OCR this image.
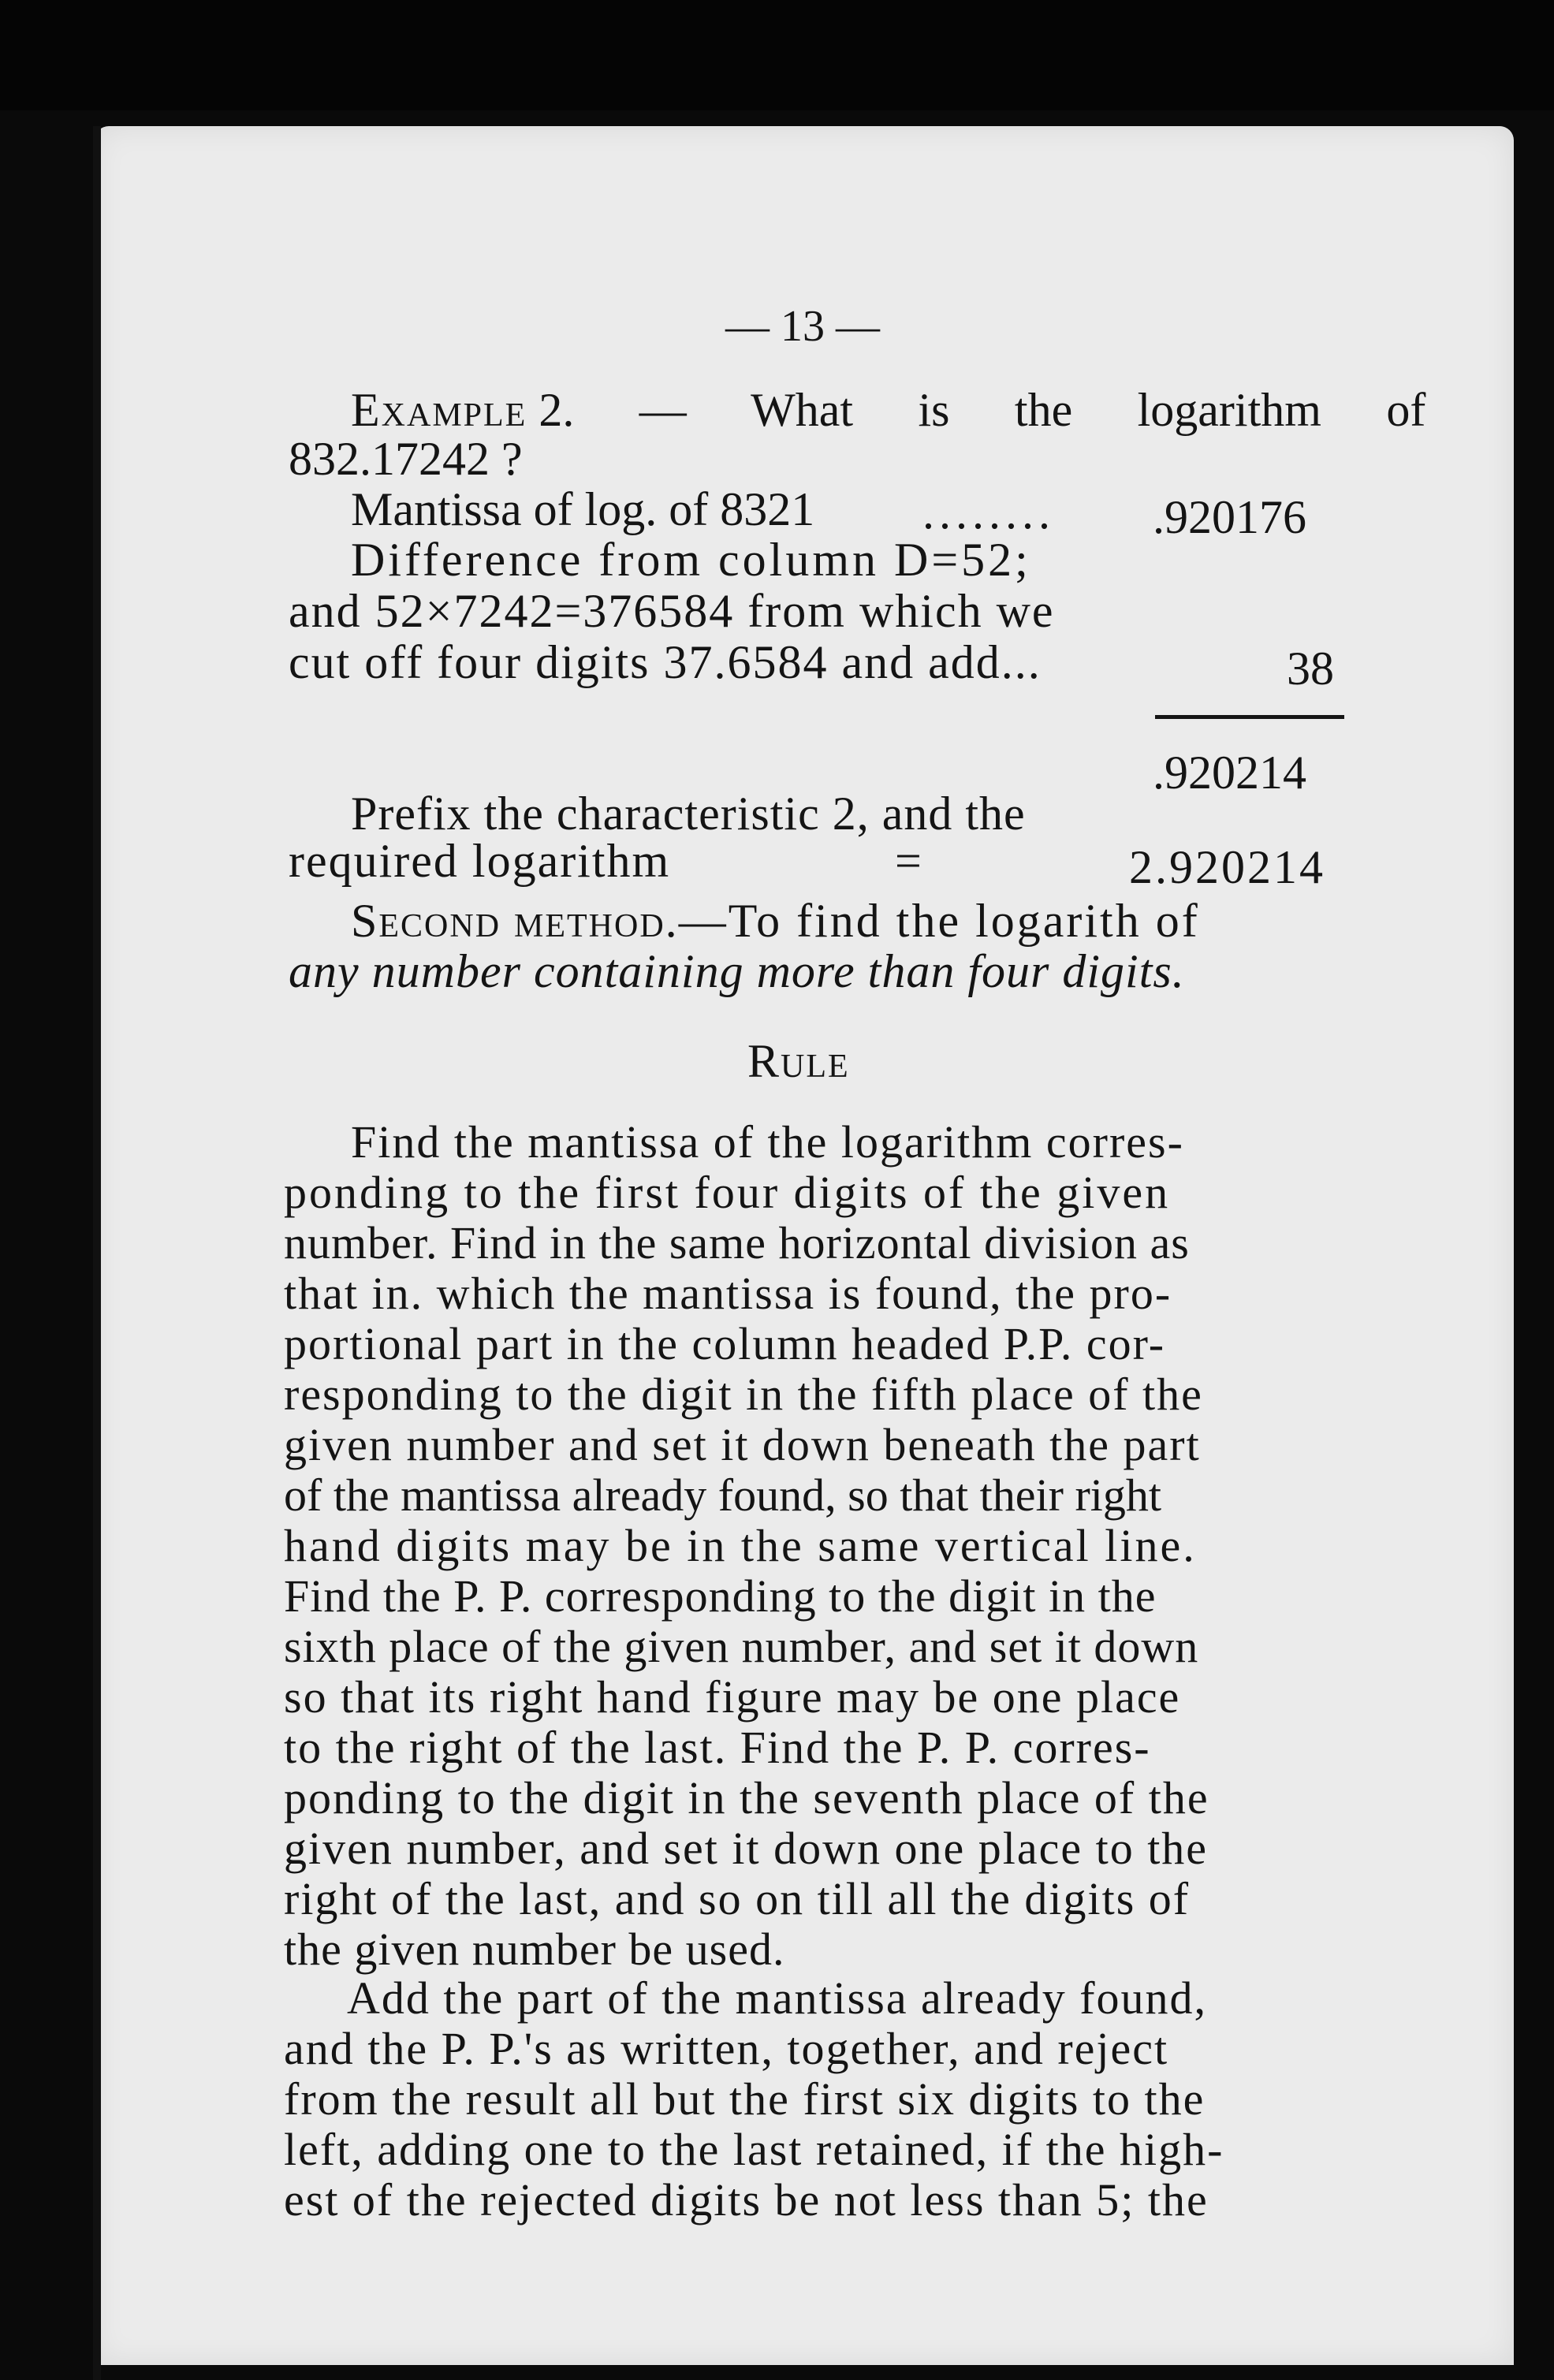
— 13 —
Example 2. — What is the logarithm of
832.17242 ?
Mantissa of log. of 8321 ........ .920176
Difference from column D=52;
and 52×7242=376584 from which we
cut off four digits 37.6584 and add...	38
.920214
Prefix the characteristic 2, and the
required logarithm	=	2.920214
Second method.—To find the logarith of
any number containing more than four digits.
Rule
Find the mantissa of the logarithm corres-
ponding to the first four digits of the given
number. Find in the same horizontal division as
that in. which the mantissa is found, the pro-
portional part in the column headed P.P. cor-
responding to the digit in the fifth place of the
given number and set it down beneath the part
of the mantissa already found, so that their right
hand digits may be in the same vertical line.
Find the P. P. corresponding to the digit in the
sixth place of the given number, and set it down
so that its right hand figure may be one place
to the right of the last. Find the P. P. corres-
ponding to the digit in the seventh place of the
given number, and set it down one place to the
right of the last, and so on till all the digits of
the given number be used.
Add the part of the mantissa already found,
and the P. P.'s as written, together, and reject
from the result all but the first six digits to the
left, adding one to the last retained, if the high-
est of the rejected digits be not less than 5; the
